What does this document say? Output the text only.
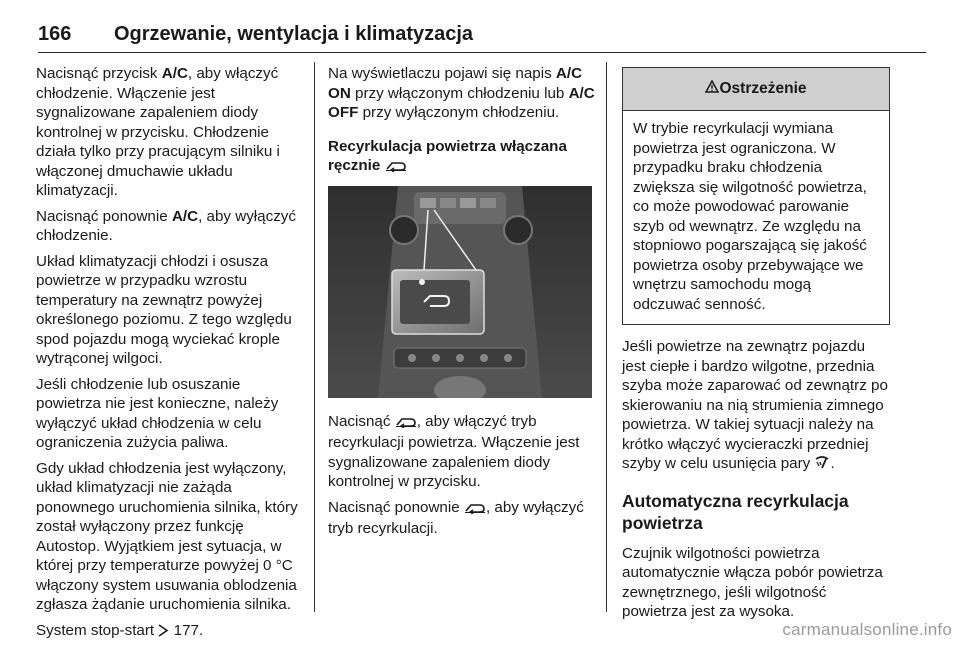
166 Ogrzewanie, wentylacja i klimatyzacja

Nacisnąć przycisk A/C, aby włączyć chłodzenie. Włączenie jest sygnalizowane zapaleniem diody kontrolnej w przycisku. Chłodzenie działa tylko przy pracującym silniku i włączonej dmuchawie układu klimatyzacji.

Nacisnąć ponownie A/C, aby wyłączyć chłodzenie.

Układ klimatyzacji chłodzi i osusza powietrze w przypadku wzrostu temperatury na zewnątrz powyżej określonego poziomu. Z tego względu spod pojazdu mogą wyciekać krople wytrąconej wilgoci.

Jeśli chłodzenie lub osuszanie powietrza nie jest konieczne, należy wyłączyć układ chłodzenia w celu ograniczenia zużycia paliwa.

Gdy układ chłodzenia jest wyłączony, układ klimatyzacji nie zażąda ponownego uruchomienia silnika, który został wyłączony przez funkcję Autostop. Wyjątkiem jest sytuacja, w której przy temperaturze powyżej 0 °C włączony system usuwania oblodzenia zgłasza żądanie uruchomienia silnika.

System stop-start  177.

Na wyświetlaczu pojawi się napis A/C ON przy włączonym chłodzeniu lub A/C OFF przy wyłączonym chłodzeniu.

Recyrkulacja powietrza włączana ręcznie

Nacisnąć , aby włączyć tryb recyrkulacji powietrza. Włączenie jest sygnalizowane zapaleniem diody kontrolnej w przycisku.

Nacisnąć ponownie , aby wyłączyć tryb recyrkulacji.

Ostrzeżenie
W trybie recyrkulacji wymiana powietrza jest ograniczona. W przypadku braku chłodzenia zwiększa się wilgotność powietrza, co może powodować parowanie szyb od wewnątrz. Ze względu na stopniowo pogarszającą się jakość powietrza osoby przebywające we wnętrzu samochodu mogą odczuwać senność.

Jeśli powietrze na zewnątrz pojazdu jest ciepłe i bardzo wilgotne, przednia szyba może zaparować od zewnątrz po skierowaniu na nią strumienia zimnego powietrza. W takiej sytuacji należy na krótko włączyć wycieraczki przedniej szyby w celu usunięcia pary .

Automatyczna recyrkulacja powietrza

Czujnik wilgotności powietrza automatycznie włącza pobór powietrza zewnętrznego, jeśli wilgotność powietrza jest za wysoka.

carmanualsonline.info
